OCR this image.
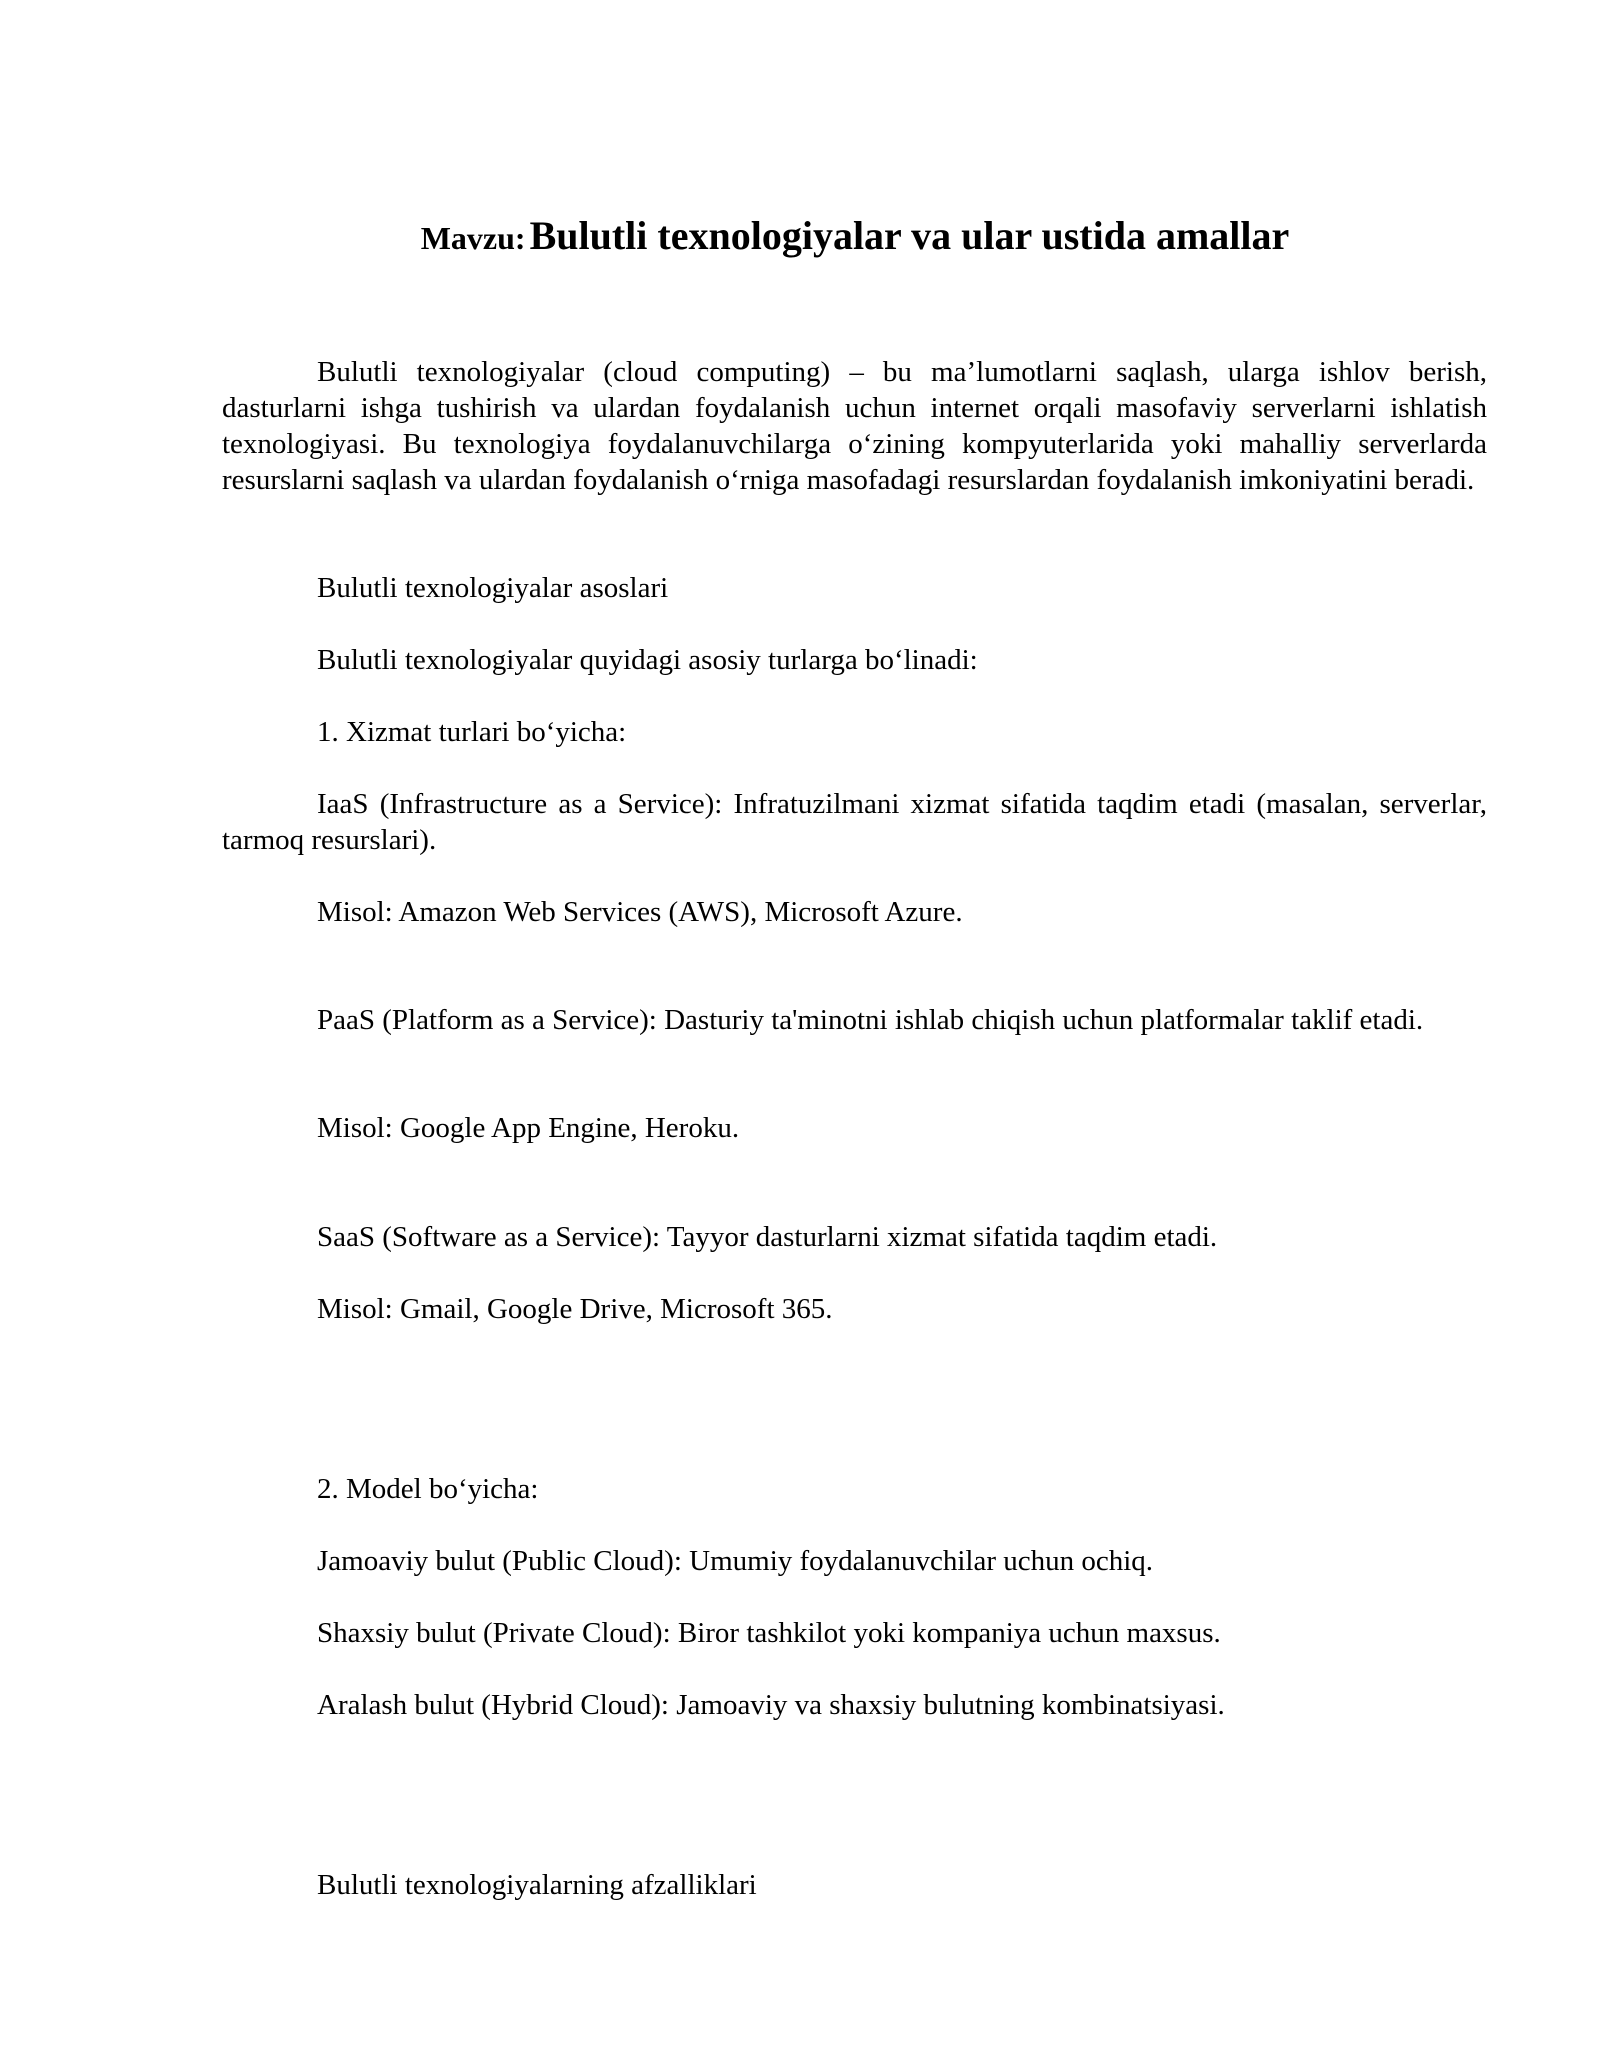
Mavzu: Bulutli texnologiyalar va ular ustida amallar

Bulutli texnologiyalar (cloud computing) – bu ma’lumotlarni saqlash, ularga ishlov berish, dasturlarni ishga tushirish va ulardan foydalanish uchun internet orqali masofaviy serverlarni ishlatish texnologiyasi. Bu texnologiya foydalanuvchilarga o‘zining kompyuterlarida yoki mahalliy serverlarda resurslarni saqlash va ulardan foydalanish o‘rniga masofadagi resurslardan foydalanish imkoniyatini beradi.

Bulutli texnologiyalar asoslari

Bulutli texnologiyalar quyidagi asosiy turlarga bo‘linadi:

1. Xizmat turlari bo‘yicha:

IaaS (Infrastructure as a Service): Infratuzilmani xizmat sifatida taqdim etadi (masalan, serverlar, tarmoq resurslari).

Misol: Amazon Web Services (AWS), Microsoft Azure.

PaaS (Platform as a Service): Dasturiy ta'minotni ishlab chiqish uchun platformalar taklif etadi.

Misol: Google App Engine, Heroku.

SaaS (Software as a Service): Tayyor dasturlarni xizmat sifatida taqdim etadi.

Misol: Gmail, Google Drive, Microsoft 365.

2. Model bo‘yicha:

Jamoaviy bulut (Public Cloud): Umumiy foydalanuvchilar uchun ochiq.

Shaxsiy bulut (Private Cloud): Biror tashkilot yoki kompaniya uchun maxsus.

Aralash bulut (Hybrid Cloud): Jamoaviy va shaxsiy bulutning kombinatsiyasi.

Bulutli texnologiyalarning afzalliklari
